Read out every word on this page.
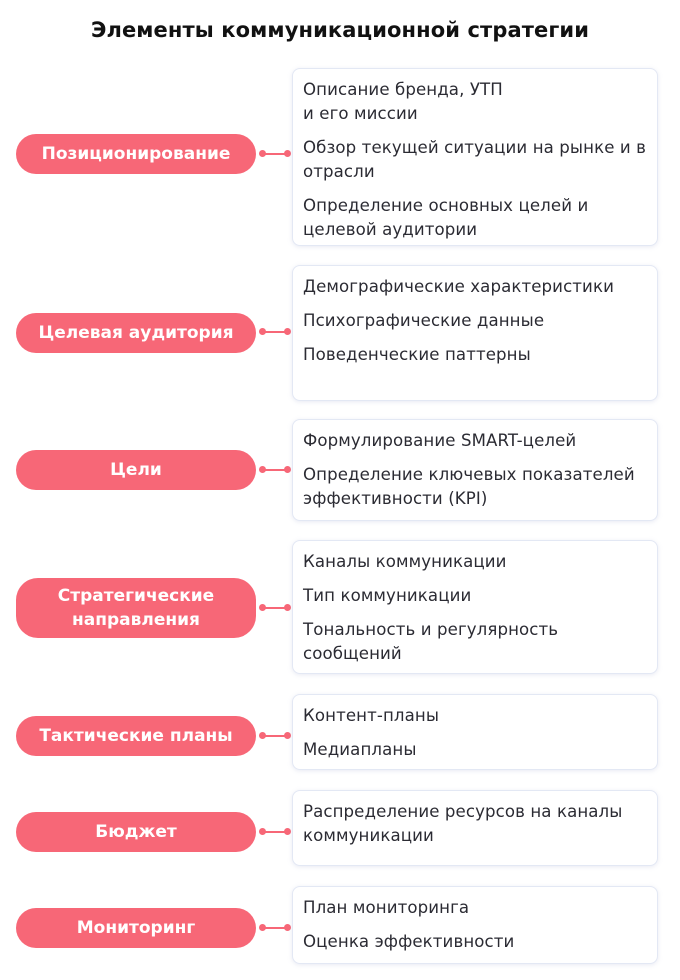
Элементы коммуникационной стратегии
Позиционирование
Описание бренда, УТП
и его миссии
Обзор текущей ситуации на рынке и в отрасли
Определение основных целей и целевой аудитории
Целевая аудитория
Демографические характеристики
Психографические данные
Поведенческие паттерны
Цели
Формулирование SMART-целей
Определение ключевых показателей эффективности (KPI)
Стратегические направления
Каналы коммуникации
Тип коммуникации
Тональность и регулярность сообщений
Тактические планы
Контент-планы
Медиапланы
Бюджет
Распределение ресурсов на каналы коммуникации
Мониторинг
План мониторинга
Оценка эффективности
